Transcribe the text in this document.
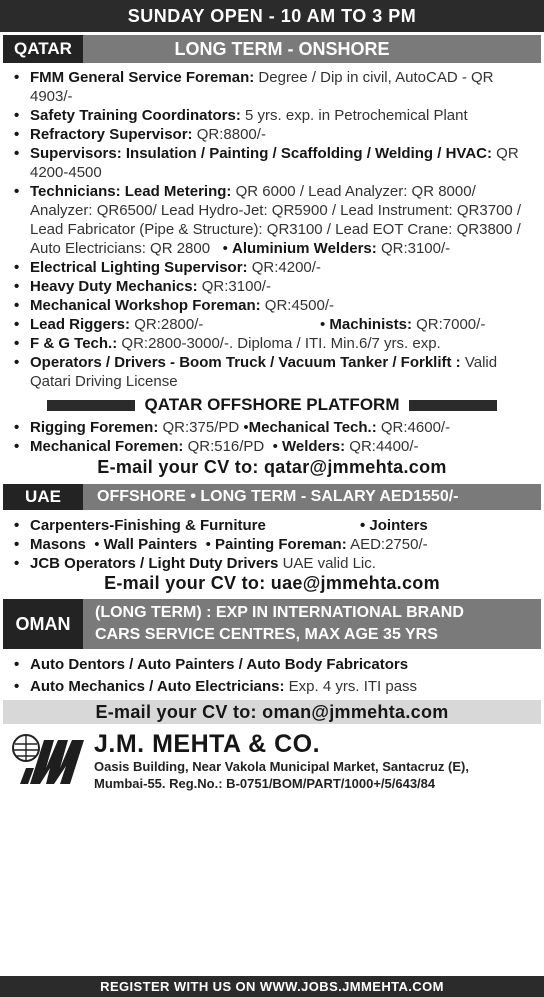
SUNDAY OPEN - 10 AM TO 3 PM
QATAR	LONG TERM - ONSHORE
• FMM General Service Foreman: Degree / Dip in civil, AutoCAD - QR 4903/-
• Safety Training Coordinators: 5 yrs. exp. in Petrochemical Plant
• Refractory Supervisor: QR:8800/-
• Supervisors: Insulation / Painting / Scaffolding / Welding / HVAC: QR 4200-4500
• Technicians: Lead Metering: QR 6000 / Lead Analyzer: QR 8000/ Analyzer: QR6500/ Lead Hydro-Jet: QR5900 / Lead Instrument: QR3700 / Lead Fabricator (Pipe & Structure): QR3100 / Lead EOT Crane: QR3800 / Auto Electricians: QR 2800   • Aluminium Welders: QR:3100/-
• Electrical Lighting Supervisor: QR:4200/-
• Heavy Duty Mechanics: QR:3100/-
• Mechanical Workshop Foreman: QR:4500/-
• Lead Riggers: QR:2800/-	• Machinists: QR:7000/-
• F & G Tech.: QR:2800-3000/-. Diploma / ITI. Min.6/7 yrs. exp.
• Operators / Drivers - Boom Truck / Vacuum Tanker / Forklift : Valid Qatari Driving License
QATAR OFFSHORE PLATFORM
• Rigging Foremen: QR:375/PD •Mechanical Tech.: QR:4600/-
• Mechanical Foremen: QR:516/PD  • Welders: QR:4400/-
E-mail your CV to: qatar@jmmehta.com
UAE	OFFSHORE • LONG TERM - SALARY AED1550/-
• Carpenters-Finishing & Furniture	• Jointers
• Masons  • Wall Painters  • Painting Foreman: AED:2750/-
• JCB Operators / Light Duty Drivers UAE valid Lic.
E-mail your CV to: uae@jmmehta.com
OMAN
(LONG TERM) : EXP IN INTERNATIONAL BRAND
CARS SERVICE CENTRES, MAX AGE 35 YRS
• Auto Dentors / Auto Painters / Auto Body Fabricators
• Auto Mechanics / Auto Electricians: Exp. 4 yrs. ITI pass
E-mail your CV to: oman@jmmehta.com
J.M. MEHTA & CO.
Oasis Building, Near Vakola Municipal Market, Santacruz (E),
Mumbai-55. Reg.No.: B-0751/BOM/PART/1000+/5/643/84
REGISTER WITH US ON WWW.JOBS.JMMEHTA.COM
